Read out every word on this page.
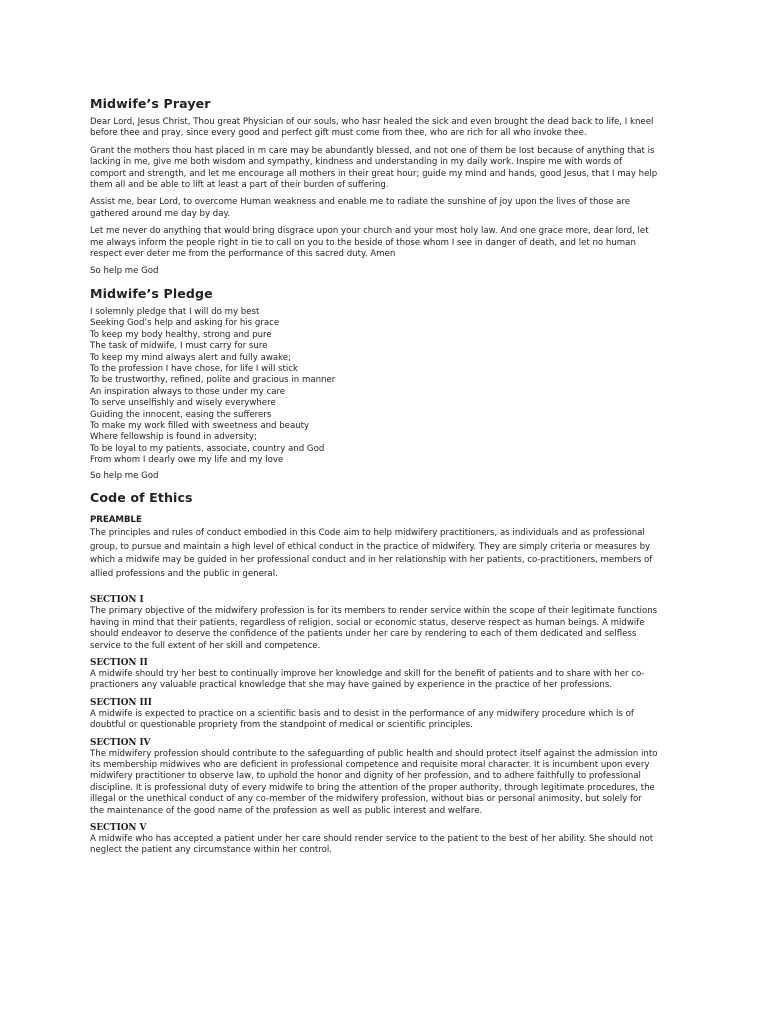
Midwife’s Prayer

Dear Lord, Jesus Christ, Thou great Physician of our souls, who hasr healed the sick and even brought the dead back to life, I kneel before thee and pray, since every good and perfect gift must come from thee, who are rich for all who invoke thee.

Grant the mothers thou hast placed in m care may be abundantly blessed, and not one of them be lost because of anything that is lacking in me, give me both wisdom and sympathy, kindness and understanding in my daily work. Inspire me with words of comport and strength, and let me encourage all mothers in their great hour; guide my mind and hands, good Jesus, that I may help them all and be able to lift at least a part of their burden of suffering.

Assist me, bear Lord, to overcome Human weakness and enable me to radiate the sunshine of joy upon the lives of those are gathered around me day by day.

Let me never do anything that would bring disgrace upon your church and your most holy law. And one grace more, dear lord, let me always inform the people right in tie to call on you to the beside of those whom I see in danger of death, and let no human respect ever deter me from the performance of this sacred duty. Amen

So help me God

Midwife’s Pledge
I solemnly pledge that I will do my best
Seeking God’s help and asking for his grace
To keep my body healthy, strong and pure
The task of midwife, I must carry for sure
To keep my mind always alert and fully awake;
To the profession I have chose, for life I will stick
To be trustworthy, refined, polite and gracious in manner
An inspiration always to those under my care
To serve unselfishly and wisely everywhere
Guiding the innocent, easing the sufferers
To make my work filled with sweetness and beauty
Where fellowship is found in adversity;
To be loyal to my patients, associate, country and God
From whom I dearly owe my life and my love

So help me God

Code of Ethics
PREAMBLE

The principles and rules of conduct embodied in this Code aim to help midwifery practitioners, as individuals and as professional group, to pursue and maintain a high level of ethical conduct in the practice of midwifery. They are simply criteria or measures by which a midwife may be guided in her professional conduct and in her relationship with her patients, co-practitioners, members of allied professions and the public in general.

SECTION I

The primary objective of the midwifery profession is for its members to render service within the scope of their legitimate functions having in mind that their patients, regardless of religion, social or economic status, deserve respect as human beings. A midwife should endeavor to deserve the confidence of the patients under her care by rendering to each of them dedicated and selfless service to the full extent of her skill and competence.

SECTION II

A midwife should try her best to continually improve her knowledge and skill for the benefit of patients and to share with her co-practioners any valuable practical knowledge that she may have gained by experience in the practice of her professions.

SECTION III

A midwife is expected to practice on a scientific basis and to desist in the performance of any midwifery procedure which is of doubtful or questionable propriety from the standpoint of medical or scientific principles.

SECTION IV

The midwifery profession should contribute to the safeguarding of public health and should protect itself against the admission into its membership midwives who are deficient in professional competence and requisite moral character. It is incumbent upon every midwifery practitioner to observe law, to uphold the honor and dignity of her profession, and to adhere faithfully to professional discipline. It is professional duty of every midwife to bring the attention of the proper authority, through legitimate procedures, the illegal or the unethical conduct of any co-member of the midwifery profession, without bias or personal animosity, but solely for the maintenance of the good name of the profession as well as public interest and welfare.

SECTION V

A midwife who has accepted a patient under her care should render service to the patient to the best of her ability. She should not neglect the patient any circumstance within her control.
